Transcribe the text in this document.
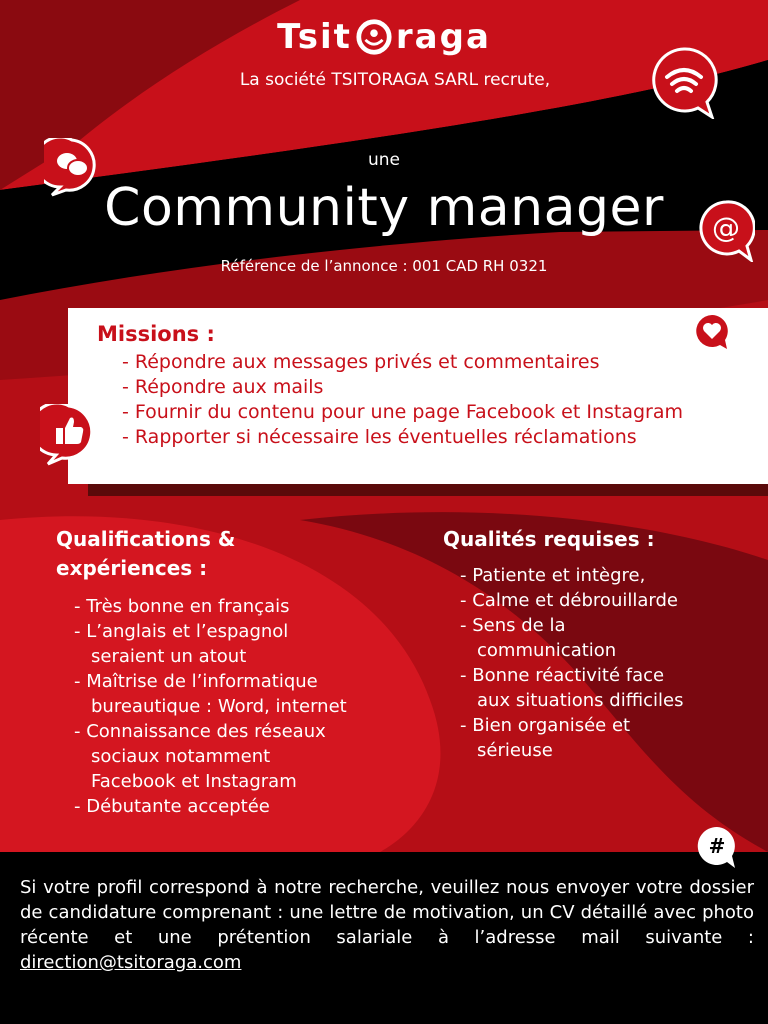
Tsit raga
La société TSITORAGA SARL recrute,
une
Community manager
Référence de l’annonce : 001 CAD RH 0321
Missions :
- Répondre aux messages privés et commentaires
- Répondre aux mails
- Fournir du contenu pour une page Facebook et Instagram
- Rapporter si nécessaire les éventuelles réclamations
Qualifications &
expériences :
- Très bonne en français
- L’anglais et l’espagnol
seraient un atout
- Maîtrise de l’informatique
bureautique : Word, internet
- Connaissance des réseaux
sociaux notamment Facebook et Instagram
- Débutante acceptée
Qualités requises :
- Patiente et intègre,
- Calme et débrouillarde
- Sens de la
communication
- Bonne réactivité face
aux situations difficiles
- Bien organisée et
sérieuse
Si votre profil correspond à notre recherche, veuillez nous envoyer votre dossier de candidature comprenant : une lettre de motivation, un CV détaillé avec photo récente et une prétention salariale à l’adresse mail suivante : direction@tsitoraga.com
@
#
